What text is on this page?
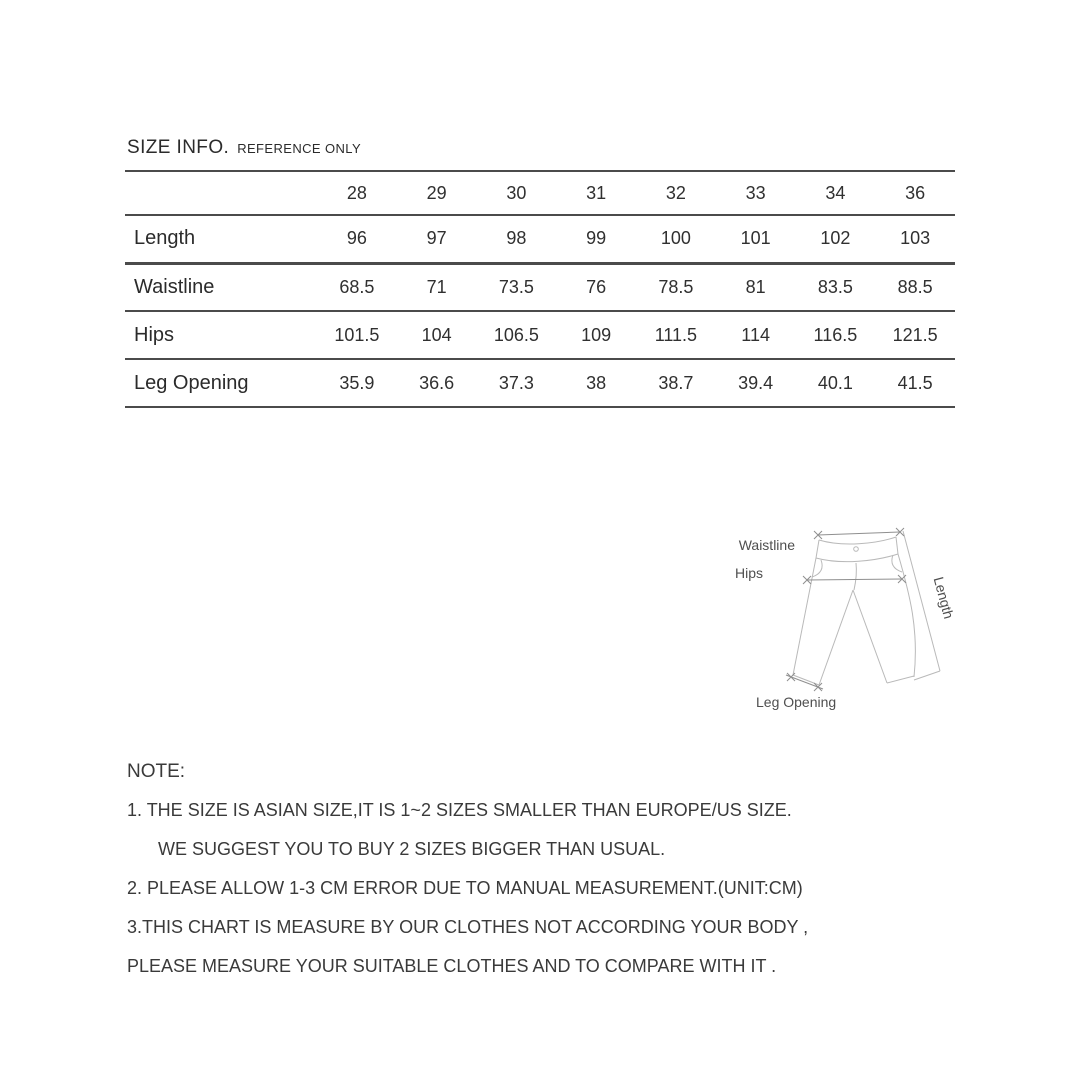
SIZE INFO. REFERENCE ONLY
	28	29	30	31	32	33	34	36
Length	96	97	98	99	100	101	102	103
Waistline	68.5	71	73.5	76	78.5	81	83.5	88.5
Hips	101.5	104	106.5	109	111.5	114	116.5	121.5
Leg Opening	35.9	36.6	37.3	38	38.7	39.4	40.1	41.5
Waistline
Hips
Length
Leg Opening
NOTE:
1. THE SIZE IS ASIAN SIZE,IT IS 1~2 SIZES SMALLER THAN EUROPE/US SIZE.
WE SUGGEST YOU TO BUY 2 SIZES BIGGER THAN USUAL.
2. PLEASE ALLOW 1-3 CM ERROR DUE TO MANUAL MEASUREMENT.(UNIT:CM)
3.THIS CHART IS MEASURE BY OUR CLOTHES NOT ACCORDING YOUR BODY ,
PLEASE MEASURE YOUR SUITABLE CLOTHES AND TO COMPARE WITH IT .
